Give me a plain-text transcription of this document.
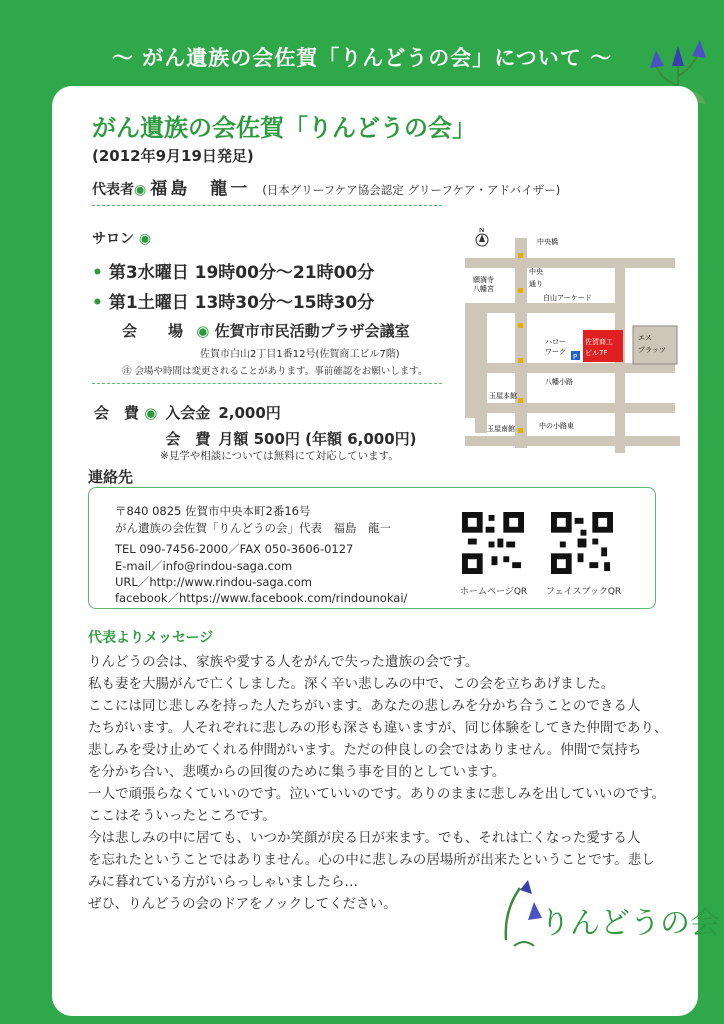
〜 がん遺族の会佐賀「りんどうの会」について 〜
がん遺族の会佐賀「りんどうの会」
(2012年9月19日発足)
代表者◉ 福島　龍一 (日本グリーフケア協会認定 グリーフケア・アドバイザー)
サロン ◉
• 第3水曜日 19時00分〜21時00分
• 第1土曜日 13時30分〜15時30分
会　場 ◉ 佐賀市市民活動プラザ会議室
佐賀市白山2丁目1番12号(佐賀商工ビル7階)
㊟ 会場や時間は変更されることがあります。事前確認をお願いします。
会　費 ◉	入会金	2,000円
	会　費	月額 500円 (年額 6,000円)
※見学や相談については無料にて対応しています。
N
佐賀商工
ビル7F
エス
プラッツ
P
中央橋
願満寺
八幡宮
中央
通り
白山アーケード
ハロー
ワーク
八幡小路
玉屋本館
玉屋南館	中の小路東
連絡先
〒840 0825 佐賀市中央本町2番16号
がん遺族の会佐賀「りんどうの会」代表　福島　龍一
TEL 090-7456-2000／FAX 050-3606-0127
E-mail／info@rindou-saga.com
URL／http://www.rindou-saga.com
facebook／https://www.facebook.com/rindounokai/	ホームページQR フェイスブックQR
代表よりメッセージ
りんどうの会は、家族や愛する人をがんで失った遺族の会です。
私も妻を大腸がんで亡くしました。深く辛い悲しみの中で、この会を立ちあげました。
ここには同じ悲しみを持った人たちがいます。あなたの悲しみを分かち合うことのできる人
たちがいます。人それぞれに悲しみの形も深さも違いますが、同じ体験をしてきた仲間であり、
悲しみを受け止めてくれる仲間がいます。ただの仲良しの会ではありません。仲間で気持ち
を分かち合い、悲嘆からの回復のために集う事を目的としています。
一人で頑張らなくていいのです。泣いていいのです。ありのままに悲しみを出していいのです。
ここはそういったところです。
今は悲しみの中に居ても、いつか笑顔が戻る日が来ます。でも、それは亡くなった愛する人
を忘れたということではありません。心の中に悲しみの居場所が出来たということです。悲し
みに暮れている方がいらっしゃいましたら…
ぜひ、りんどうの会のドアをノックしてください。
りんどうの会
